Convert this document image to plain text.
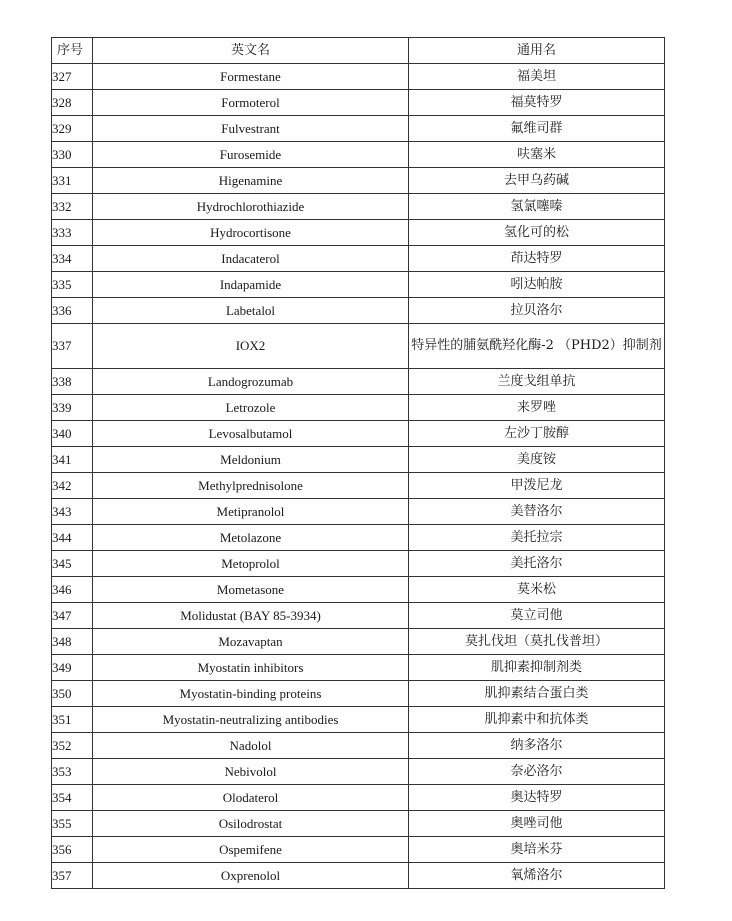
序号	英文名	通用名
327	Formestane	福美坦
328	Formoterol	福莫特罗
329	Fulvestrant	氟维司群
330	Furosemide	呋塞米
331	Higenamine	去甲乌药碱
332	Hydrochlorothiazide	氢氯噻嗪
333	Hydrocortisone	氢化可的松
334	Indacaterol	茚达特罗
335	Indapamide	吲达帕胺
336	Labetalol	拉贝洛尔
337	IOX2	特异性的脯氨酰羟化酶-2 （PHD2）抑制剂
338	Landogrozumab	兰度戈组单抗
339	Letrozole	来罗唑
340	Levosalbutamol	左沙丁胺醇
341	Meldonium	美度铵
342	Methylprednisolone	甲泼尼龙
343	Metipranolol	美替洛尔
344	Metolazone	美托拉宗
345	Metoprolol	美托洛尔
346	Mometasone	莫米松
347	Molidustat (BAY 85-3934)	莫立司他
348	Mozavaptan	莫扎伐坦（莫扎伐普坦）
349	Myostatin inhibitors	肌抑素抑制剂类
350	Myostatin-binding proteins	肌抑素结合蛋白类
351	Myostatin-neutralizing antibodies	肌抑素中和抗体类
352	Nadolol	纳多洛尔
353	Nebivolol	奈必洛尔
354	Olodaterol	奥达特罗
355	Osilodrostat	奥唑司他
356	Ospemifene	奥培米芬
357	Oxprenolol	氧烯洛尔
